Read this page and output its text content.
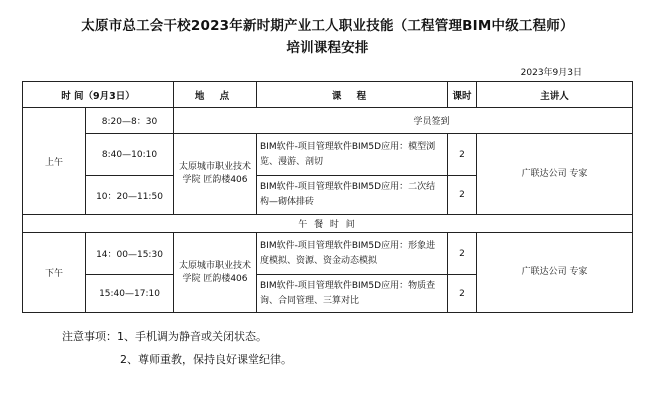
太原市总工会干校2023年新时期产业工人职业技能（工程管理BIM中级工程师）
培训课程安排
2023年9月3日
时 间（9月3日）		地 点	课 程	课时	主讲人
上午	8:20—8：30	学员签到			
	8:40—10:10	太原城市职业技术学院 匠韵楼406	BIM软件-项目管理软件BIM5D应用：模型浏览、漫游、剖切	2	广联达公司 专家
	10：20—11:50		BIM软件-项目管理软件BIM5D应用：二次结构—砌体排砖	2	
午 餐 时 间					
下午	14：00—15:30	太原城市职业技术学院 匠韵楼406	BIM软件-项目管理软件BIM5D应用：形象进度模拟、资源、资金动态模拟	2	广联达公司 专家
	15:40—17:10		BIM软件-项目管理软件BIM5D应用：物质查询、合同管理、三算对比	2	
注意事项：1、手机调为静音或关闭状态。
2、尊师重教，保持良好课堂纪律。
